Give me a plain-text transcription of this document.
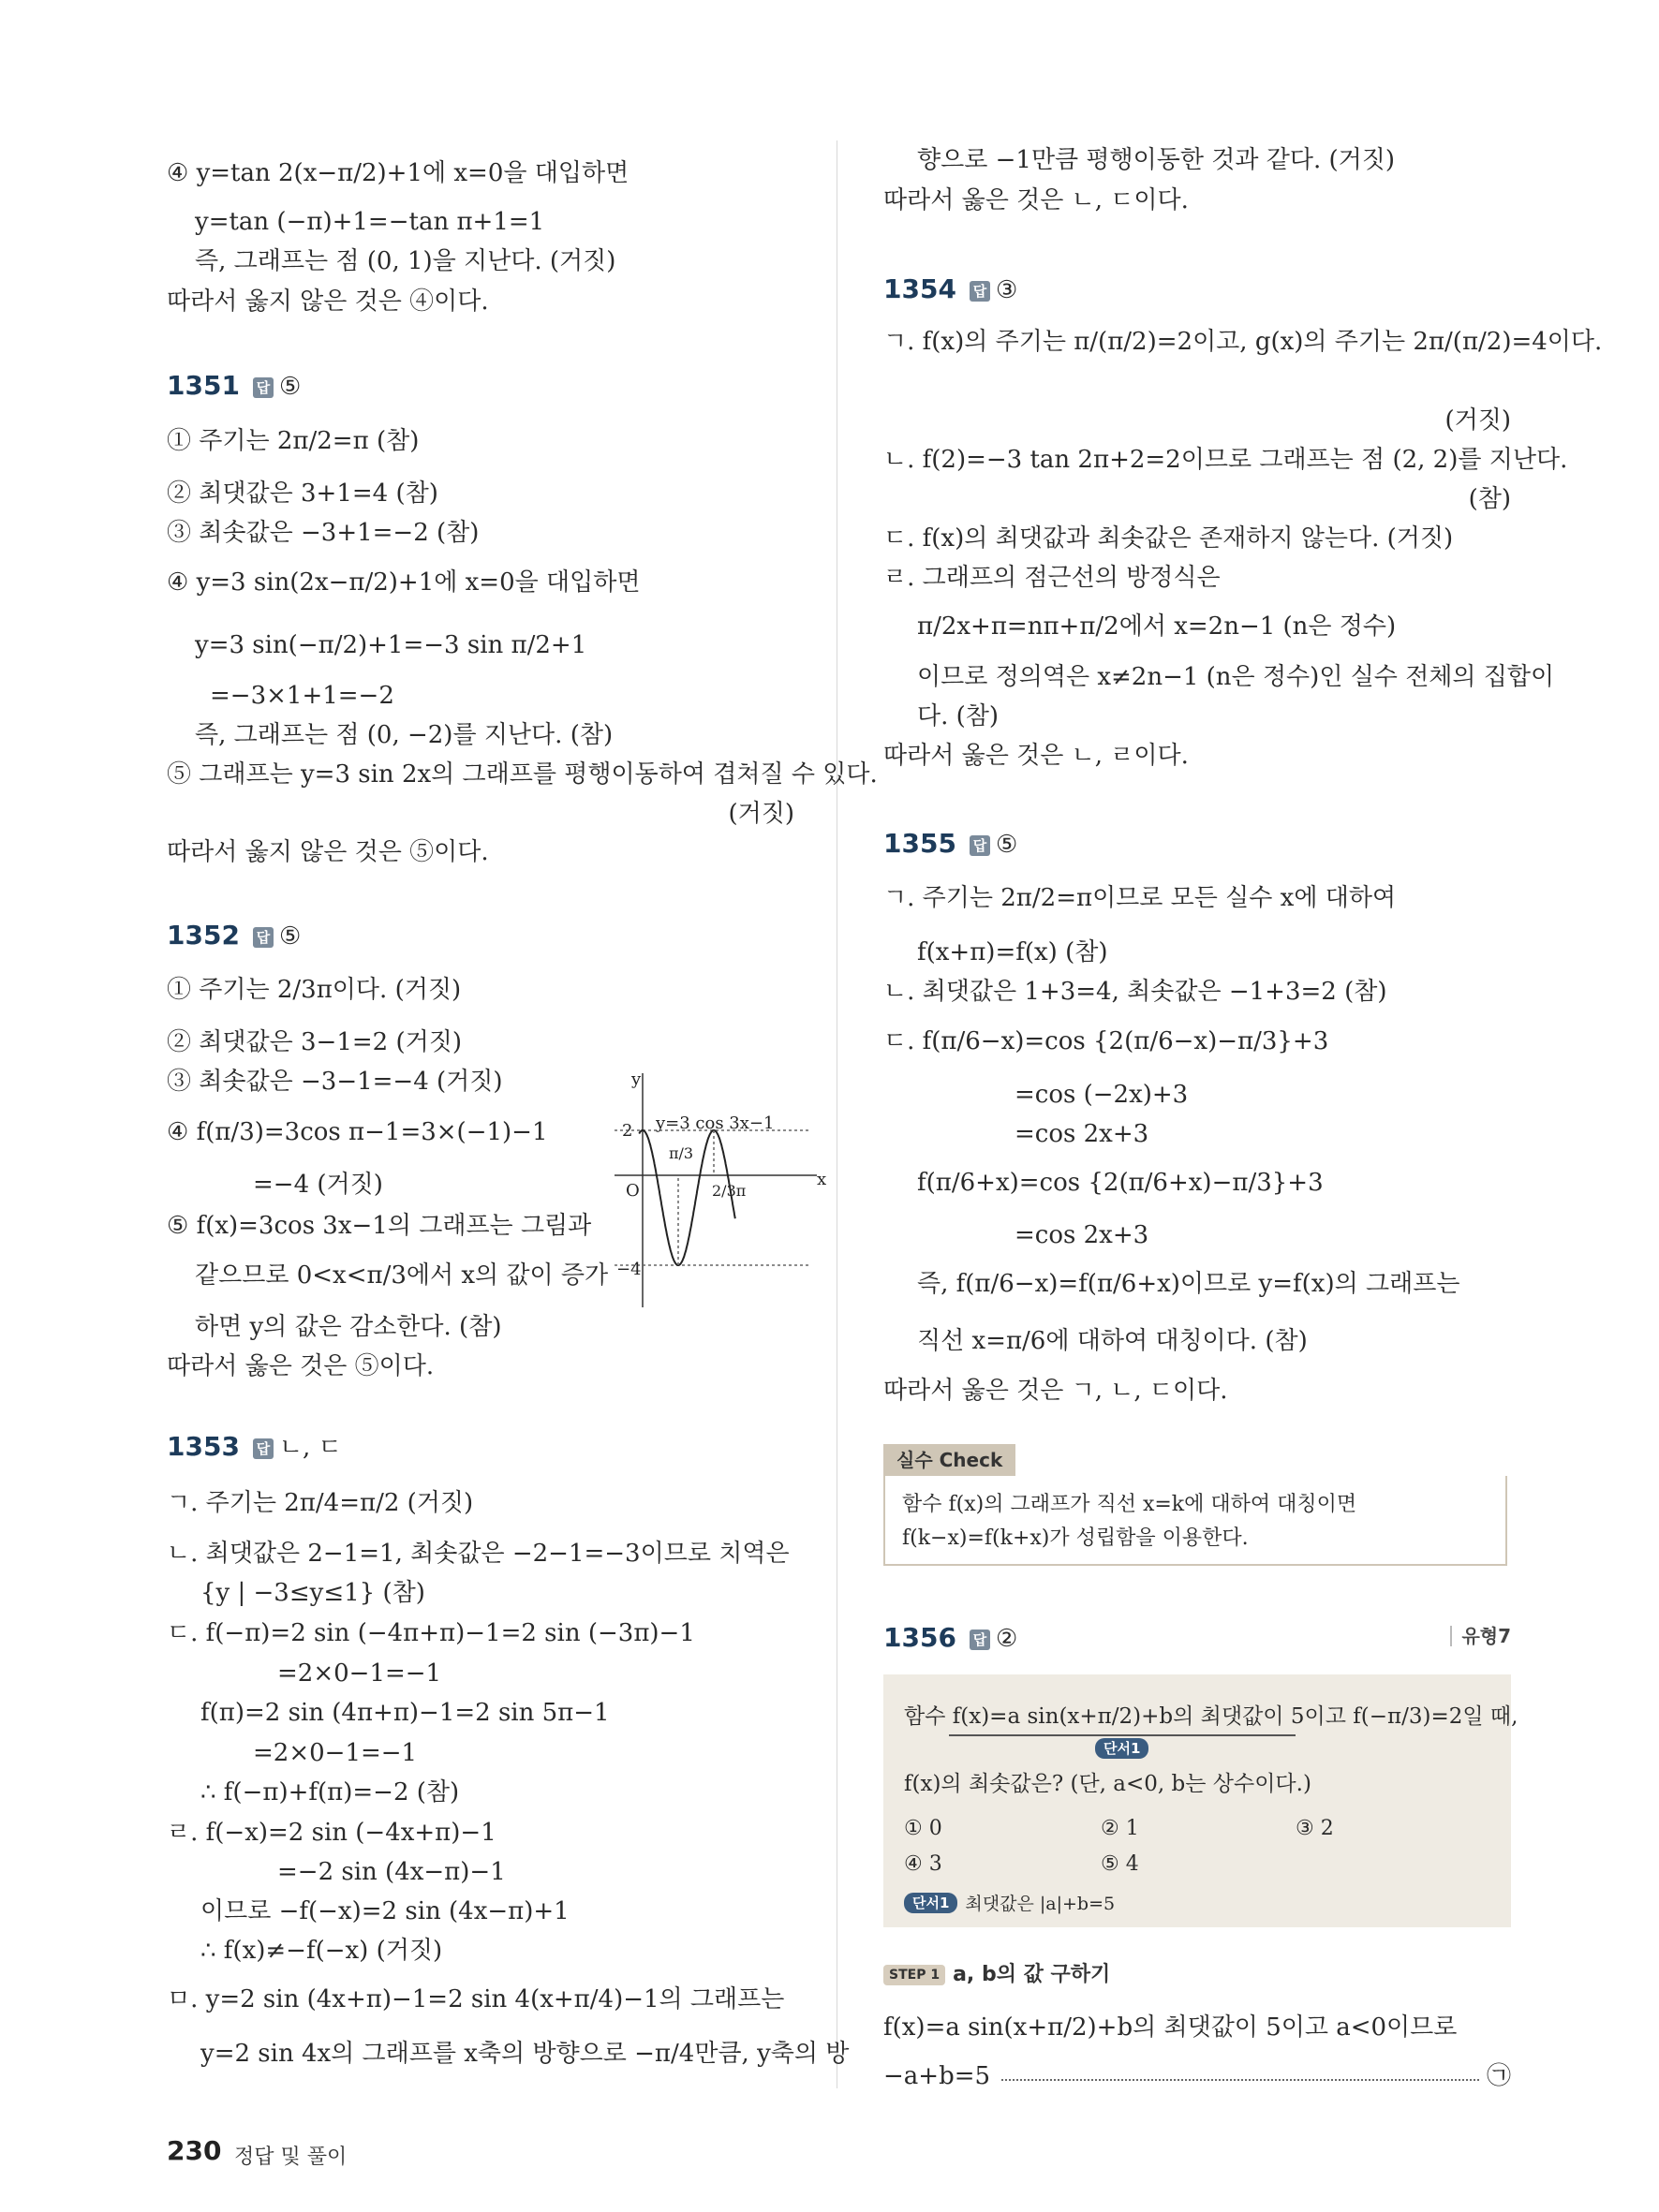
1351 답 ⑤
1352 답 ⑤
1353 답 ㄴ, ㄷ
④ y=tan 2(x−π/2)+1에 x=0을 대입하면
y=tan (−π)+1=−tan π+1=1
즉, 그래프는 점 (0, 1)을 지난다. (거짓)
따라서 옳지 않은 것은 ④이다.
① 주기는 2π/2=π (참)
② 최댓값은 3+1=4 (참)
③ 최솟값은 −3+1=−2 (참)
④ y=3 sin(2x−π/2)+1에 x=0을 대입하면
y=3 sin(−π/2)+1=−3 sin π/2+1
=−3×1+1=−2
즉, 그래프는 점 (0, −2)를 지난다. (참)
⑤ 그래프는 y=3 sin 2x의 그래프를 평행이동하여 겹쳐질 수 있다.
따라서 옳지 않은 것은 ⑤이다.
① 주기는 2/3π이다. (거짓)
② 최댓값은 3−1=2 (거짓)
③ 최솟값은 −3−1=−4 (거짓)
④ f(π/3)=3cos π−1=3×(−1)−1
=−4 (거짓)
⑤ f(x)=3cos 3x−1의 그래프는 그림과
같으므로 0<x<π/3에서 x의 값이 증가
하면 y의 값은 감소한다. (참)
따라서 옳은 것은 ⑤이다.
ㄱ. 주기는 2π/4=π/2 (거짓)
ㄴ. 최댓값은 2−1=1, 최솟값은 −2−1=−3이므로 치역은
{y | −3≤y≤1} (참)
ㄷ. f(−π)=2 sin (−4π+π)−1=2 sin (−3π)−1
=2×0−1=−1
f(π)=2 sin (4π+π)−1=2 sin 5π−1
=2×0−1=−1
∴ f(−π)+f(π)=−2 (참)
ㄹ. f(−x)=2 sin (−4x+π)−1
=−2 sin (4x−π)−1
이므로 −f(−x)=2 sin (4x−π)+1
∴ f(x)≠−f(−x) (거짓)
ㅁ. y=2 sin (4x+π)−1=2 sin 4(x+π/4)−1의 그래프는
y=2 sin 4x의 그래프를 x축의 방향으로 −π/4만큼, y축의 방
(거짓)
y
x
O
2
−4
y=3 cos 3x−1
π/3
2/3π
1354 답 ③
1355 답 ⑤
1356 답 ②
향으로 −1만큼 평행이동한 것과 같다. (거짓)
따라서 옳은 것은 ㄴ, ㄷ이다.
ㄱ. f(x)의 주기는 π/(π/2)=2이고, g(x)의 주기는 2π/(π/2)=4이다.
ㄴ. f(2)=−3 tan 2π+2=2이므로 그래프는 점 (2, 2)를 지난다.
ㄷ. f(x)의 최댓값과 최솟값은 존재하지 않는다. (거짓)
ㄹ. 그래프의 점근선의 방정식은
π/2x+π=nπ+π/2에서 x=2n−1 (n은 정수)
이므로 정의역은 x≠2n−1 (n은 정수)인 실수 전체의 집합이
다. (참)
따라서 옳은 것은 ㄴ, ㄹ이다.
ㄱ. 주기는 2π/2=π이므로 모든 실수 x에 대하여
f(x+π)=f(x) (참)
ㄴ. 최댓값은 1+3=4, 최솟값은 −1+3=2 (참)
ㄷ. f(π/6−x)=cos {2(π/6−x)−π/3}+3
=cos (−2x)+3
=cos 2x+3
f(π/6+x)=cos {2(π/6+x)−π/3}+3
=cos 2x+3
즉, f(π/6−x)=f(π/6+x)이므로 y=f(x)의 그래프는
직선 x=π/6에 대하여 대칭이다. (참)
따라서 옳은 것은 ㄱ, ㄴ, ㄷ이다.
f(x)=a sin(x+π/2)+b의 최댓값이 5이고 a<0이므로
−a+b=5
(거짓)
(참)
유형7
실수 Check
함수 f(x)의 그래프가 직선 x=k에 대하여 대칭이면
f(k−x)=f(k+x)가 성립함을 이용한다.
함수 f(x)=a sin(x+π/2)+b의 최댓값이 5이고 f(−π/3)=2일 때,
단서1
f(x)의 최솟값은? (단, a<0, b는 상수이다.)
① 0	② 1	③ 2
④ 3	⑤ 4
단서1 최댓값은 |a|+b=5
STEP 1 a, b의 값 구하기
㉠
230 정답 및 풀이
